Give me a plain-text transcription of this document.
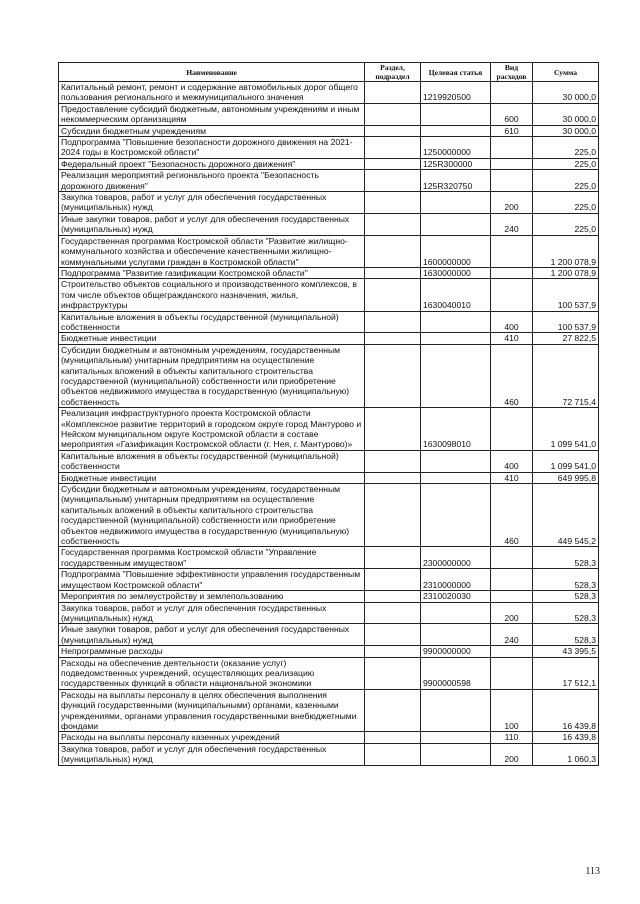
Наименование	Раздел, подраздел	Целевая статья	Вид расходов	Сумма
Капитальный ремонт, ремонт и содержание автомобильных дорог общего пользования регионального и межмуниципального значения		1219920500		30 000,0
Предоставление субсидий бюджетным, автономным учреждениям и иным некоммерческим организациям			600	30 000,0
Субсидии бюджетным учреждениям			610	30 000,0
Подпрограмма "Повышение безопасности дорожного движения на 2021-2024 годы в Костромской области"		1250000000		225,0
Федеральный проект "Безопасность дорожного движения"		125R300000		225,0
Реализация мероприятий регионального проекта "Безопасность дорожного движения"		125R320750		225,0
Закупка товаров, работ и услуг для обеспечения государственных (муниципальных) нужд			200	225,0
Иные закупки товаров, работ и услуг для обеспечения государственных (муниципальных) нужд			240	225,0
Государственная программа Костромской области "Развитие жилищно-коммунального хозяйства и обеспечение качественными жилищно-коммунальными услугами граждан в Костромской области"		1600000000		1 200 078,9
Подпрограмма "Развитие газификации Костромской области"		1630000000		1 200 078,9
Строительство объектов социального и производственного комплексов, в том числе объектов общегражданского назначения, жилья, инфраструктуры		1630040010		100 537,9
Капитальные вложения в объекты государственной (муниципальной) собственности			400	100 537,9
Бюджетные инвестиции			410	27 822,5
Субсидии бюджетным и автономным учреждениям, государственным (муниципальным) унитарным предприятиям на осуществление капитальных вложений в объекты капитального строительства государственной (муниципальной) собственности или приобретение объектов недвижимого имущества в государственную (муниципальную) собственность			460	72 715,4
Реализация инфраструктурного проекта Костромской области «Комплексное развитие территорий в городском округе город Мантурово и Нейском муниципальном округе Костромской области в составе мероприятия «Газификация Костромской области (г. Нея, г. Мантурово)»		1630098010		1 099 541,0
Капитальные вложения в объекты государственной (муниципальной) собственности			400	1 099 541,0
Бюджетные инвестиции			410	649 995,8
Субсидии бюджетным и автономным учреждениям, государственным (муниципальным) унитарным предприятиям на осуществление капитальных вложений в объекты капитального строительства государственной (муниципальной) собственности или приобретение объектов недвижимого имущества в государственную (муниципальную) собственность			460	449 545,2
Государственная программа Костромской области "Управление государственным имуществом"		2300000000		528,3
Подпрограмма "Повышение эффективности управления государственным имуществом Костромской области"		2310000000		528,3
Мероприятия по землеустройству и землепользованию		2310020030		528,3
Закупка товаров, работ и услуг для обеспечения государственных (муниципальных) нужд			200	528,3
Иные закупки товаров, работ и услуг для обеспечения государственных (муниципальных) нужд			240	528,3
Непрограммные расходы		9900000000		43 395,5
Расходы на обеспечение деятельности (оказание услуг) подведомственных учреждений, осуществляющих реализацию государственных функций в области национальной экономики		9900000598		17 512,1
Расходы на выплаты персоналу в целях обеспечения выполнения функций государственными (муниципальными) органами, казенными учреждениями, органами управления государственными внебюджетными фондами			100	16 439,8
Расходы на выплаты персоналу казенных учреждений			110	16 439,8
Закупка товаров, работ и услуг для обеспечения государственных (муниципальных) нужд			200	1 060,3
113
